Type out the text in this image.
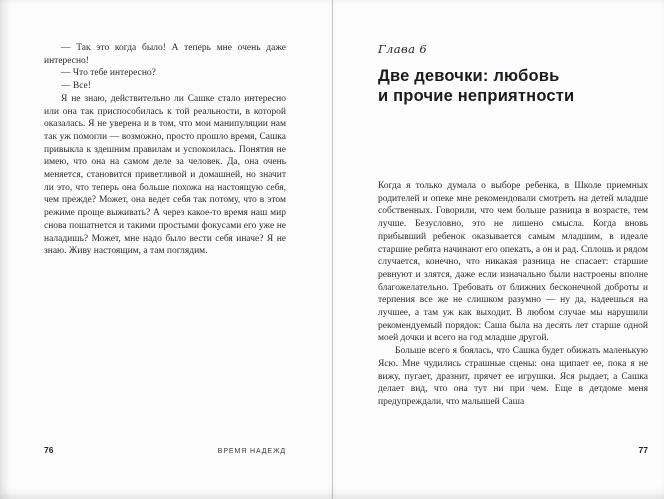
— Так это когда было! А теперь мне очень даже интересно!

— Что тебе интересно?

— Все!

Я не знаю, действительно ли Сашке стало интересно или она так приспособилась к той реальности, в которой оказалась. Я не уверена и в том, что мои манипуляции нам так уж помогли — возможно, просто прошло время, Сашка привыкла к здешним правилам и успокоилась. Понятия не имею, что она на самом деле за человек. Да, она очень меняется, становится приветливой и домашней, но значит ли это, что теперь она больше похожа на настоящую себя, чем прежде? Может, она ведет себя так потому, что в этом режиме проще выживать? А через какое-то время наш мир снова пошатнется и такими простыми фокусами его уже не наладишь? Может, мне надо было вести себя иначе? Я не знаю. Живу настоящим, а там поглядим.

76	ВРЕМЯ НАДЕЖД
Глава 6
Две девочки: любовь
и прочие неприятности

Когда я только думала о выборе ребенка, в Школе приемных родителей и опеке мне рекомендовали смотреть на детей младше собственных. Говорили, что чем больше разница в возрасте, тем лучше. Безусловно, это не лишено смысла. Когда вновь прибывший ребенок оказывается самым младшим, в идеале старшие ребята начинают его опекать, а он и рад. Сплошь и рядом случается, конечно, что никакая разница не спасает: старшие ревнуют и злятся, даже если изначально были настроены вполне благожелательно. Требовать от ближних бесконечной доброты и терпения все же не слишком разумно — ну да, надеешься на лучшее, а там уж как выходит. В любом случае мы нарушили рекомендуемый порядок: Саша была на десять лет старше одной моей дочки и всего на год младше другой.

Больше всего я боялась, что Сашка будет обижать маленькую Ясю. Мне чудились страшные сцены: она щипает ее, пока я не вижу, пугает, дразнит, прячет ее игрушки. Яся рыдает, а Сашка делает вид, что она тут ни при чем. Еще в детдоме меня предупреждали, что малышей Саша

77
